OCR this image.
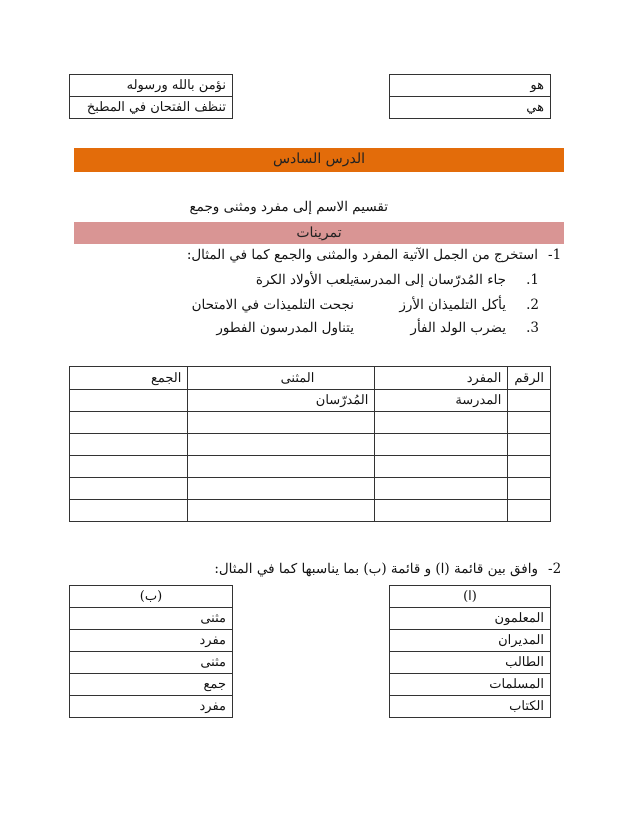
نؤمن بالله ورسوله
تنظف الفتحان في المطبخ
هو
هي
الدرس السادس
تقسيم الاسم إلى مفرد ومثنى وجمع
تمرينات
1-
استخرج من الجمل الآتية المفرد والمثنى والجمع كما في المثال:
1.
جاء المُدرّسان إلى المدرسة
يلعب الأولاد الكرة
2.
يأكل التلميذان الأرز
نجحت التلميذات في الامتحان
3.
يضرب الولد الفأر
يتناول المدرسون الفطور
الرقم	المفرد	المثنى	الجمع
	المدرسة	المُدرّسان	

2-
وافق بين قائمة (ا) و قائمة (ب) بما يناسبها كما في المثال:
(ب)
مثنى
مفرد
مثنى
جمع
مفرد
(ا)
المعلمون
المديران
الطالب
المسلمات
الكتاب
